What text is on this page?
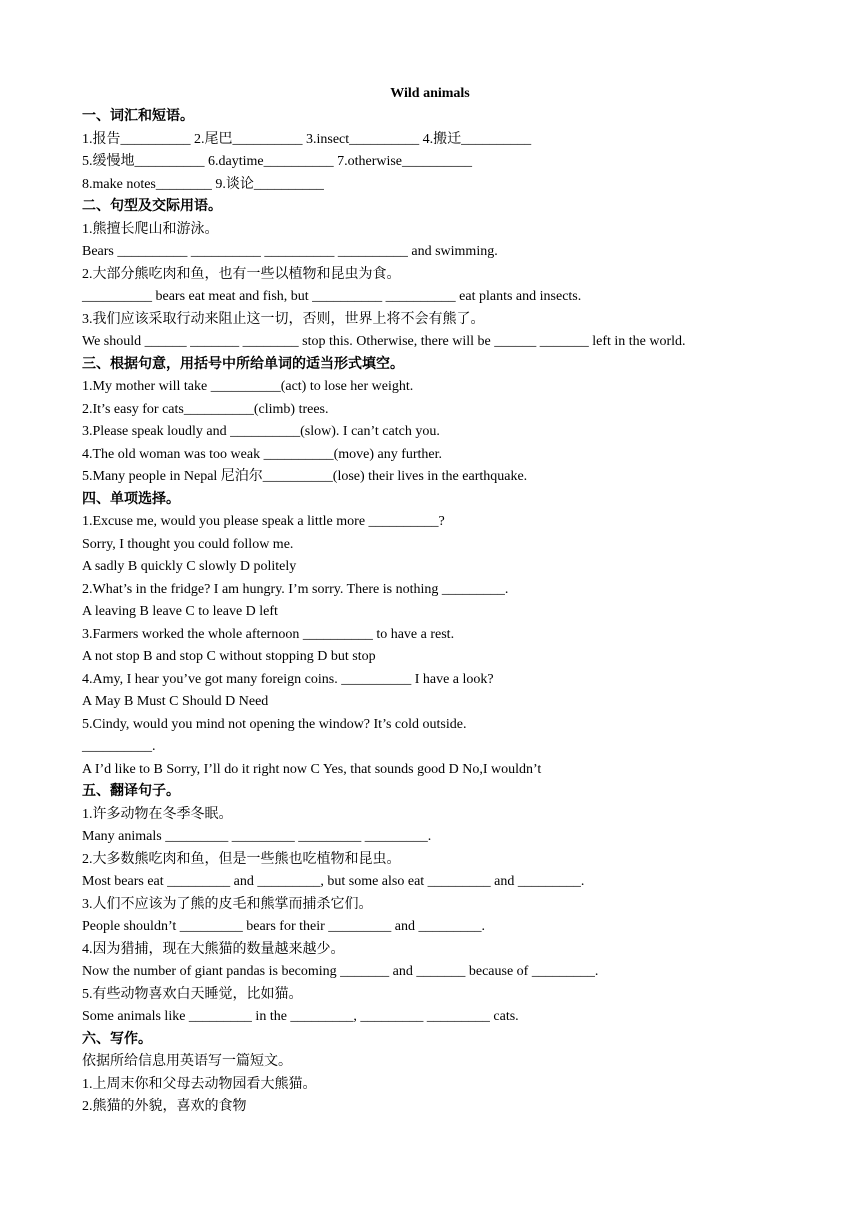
Wild animals
一、词汇和短语。
1.报告__________ 2.尾巴__________ 3.insect__________ 4.搬迁__________
5.缓慢地__________ 6.daytime__________ 7.otherwise__________
8.make notes________ 9.谈论__________
二、句型及交际用语。
1.熊擅长爬山和游泳。
Bears __________ __________ __________ __________ and swimming.
2.大部分熊吃肉和鱼，也有一些以植物和昆虫为食。
__________ bears eat meat and fish, but __________ __________ eat plants and insects.
3.我们应该采取行动来阻止这一切，否则，世界上将不会有熊了。
We should ______ _______ ________ stop this. Otherwise, there will be ______ _______ left in the world.
三、根据句意，用括号中所给单词的适当形式填空。
1.My mother will take __________(act) to lose her weight.
2.It’s easy for cats__________(climb) trees.
3.Please speak loudly and __________(slow). I can’t catch you.
4.The old woman was too weak __________(move) any further.
5.Many people in Nepal 尼泊尔__________(lose) their lives in the earthquake.
四、单项选择。
1.Excuse me, would you please speak a little more __________?
Sorry, I thought you could follow me.
A sadly B quickly C slowly D politely
2.What’s in the fridge? I am hungry. I’m sorry. There is nothing _________.
A leaving B leave C to leave D left
3.Farmers worked the whole afternoon __________ to have a rest.
A not stop B and stop C without stopping D but stop
4.Amy, I hear you’ve got many foreign coins. __________ I have a look?
A May B Must C Should D Need
5.Cindy, would you mind not opening the window? It’s cold outside.
__________.
A I’d like to B Sorry, I’ll do it right now C Yes, that sounds good D No,I wouldn’t
五、翻译句子。
1.许多动物在冬季冬眠。
Many animals _________ _________ _________ _________.
2.大多数熊吃肉和鱼，但是一些熊也吃植物和昆虫。
Most bears eat _________ and _________, but some also eat _________ and _________.
3.人们不应该为了熊的皮毛和熊掌而捕杀它们。
People shouldn’t _________ bears for their _________ and _________.
4.因为猎捕，现在大熊猫的数量越来越少。
Now the number of giant pandas is becoming _______ and _______ because of _________.
5.有些动物喜欢白天睡觉，比如猫。
Some animals like _________ in the _________, _________ _________ cats.
六、写作。
依据所给信息用英语写一篇短文。
1.上周末你和父母去动物园看大熊猫。
2.熊猫的外貌，喜欢的食物
